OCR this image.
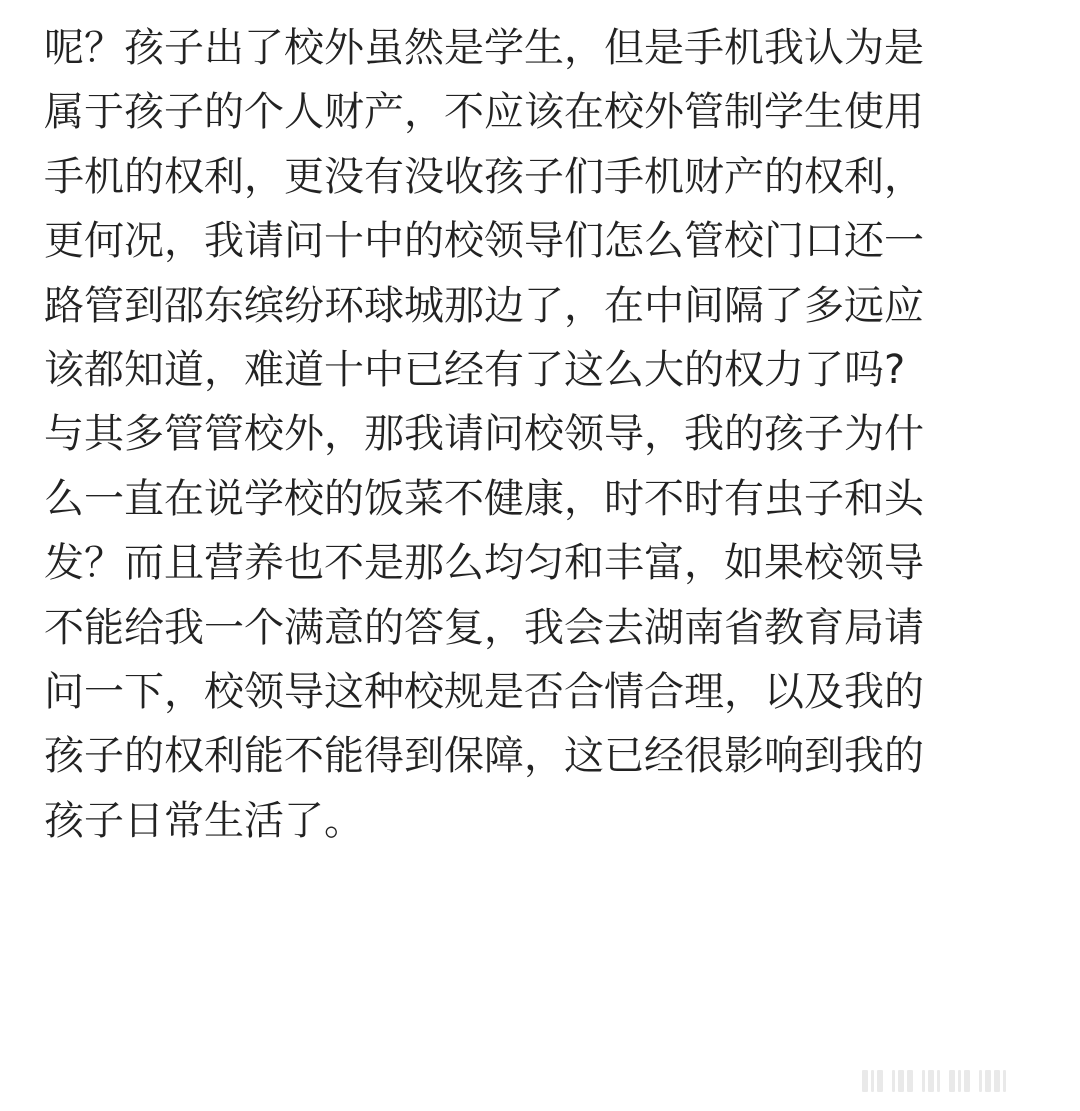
呢？孩子出了校外虽然是学生，但是手机我认为是
属于孩子的个人财产，不应该在校外管制学生使用
手机的权利，更没有没收孩子们手机财产的权利，
更何况，我请问十中的校领导们怎么管校门口还一
路管到邵东缤纷环球城那边了，在中间隔了多远应
该都知道，难道十中已经有了这么大的权力了吗?
与其多管管校外，那我请问校领导，我的孩子为什
么一直在说学校的饭菜不健康，时不时有虫子和头
发？而且营养也不是那么均匀和丰富，如果校领导
不能给我一个满意的答复，我会去湖南省教育局请
问一下，校领导这种校规是否合情合理，以及我的
孩子的权利能不能得到保障，这已经很影响到我的
孩子日常生活了。
